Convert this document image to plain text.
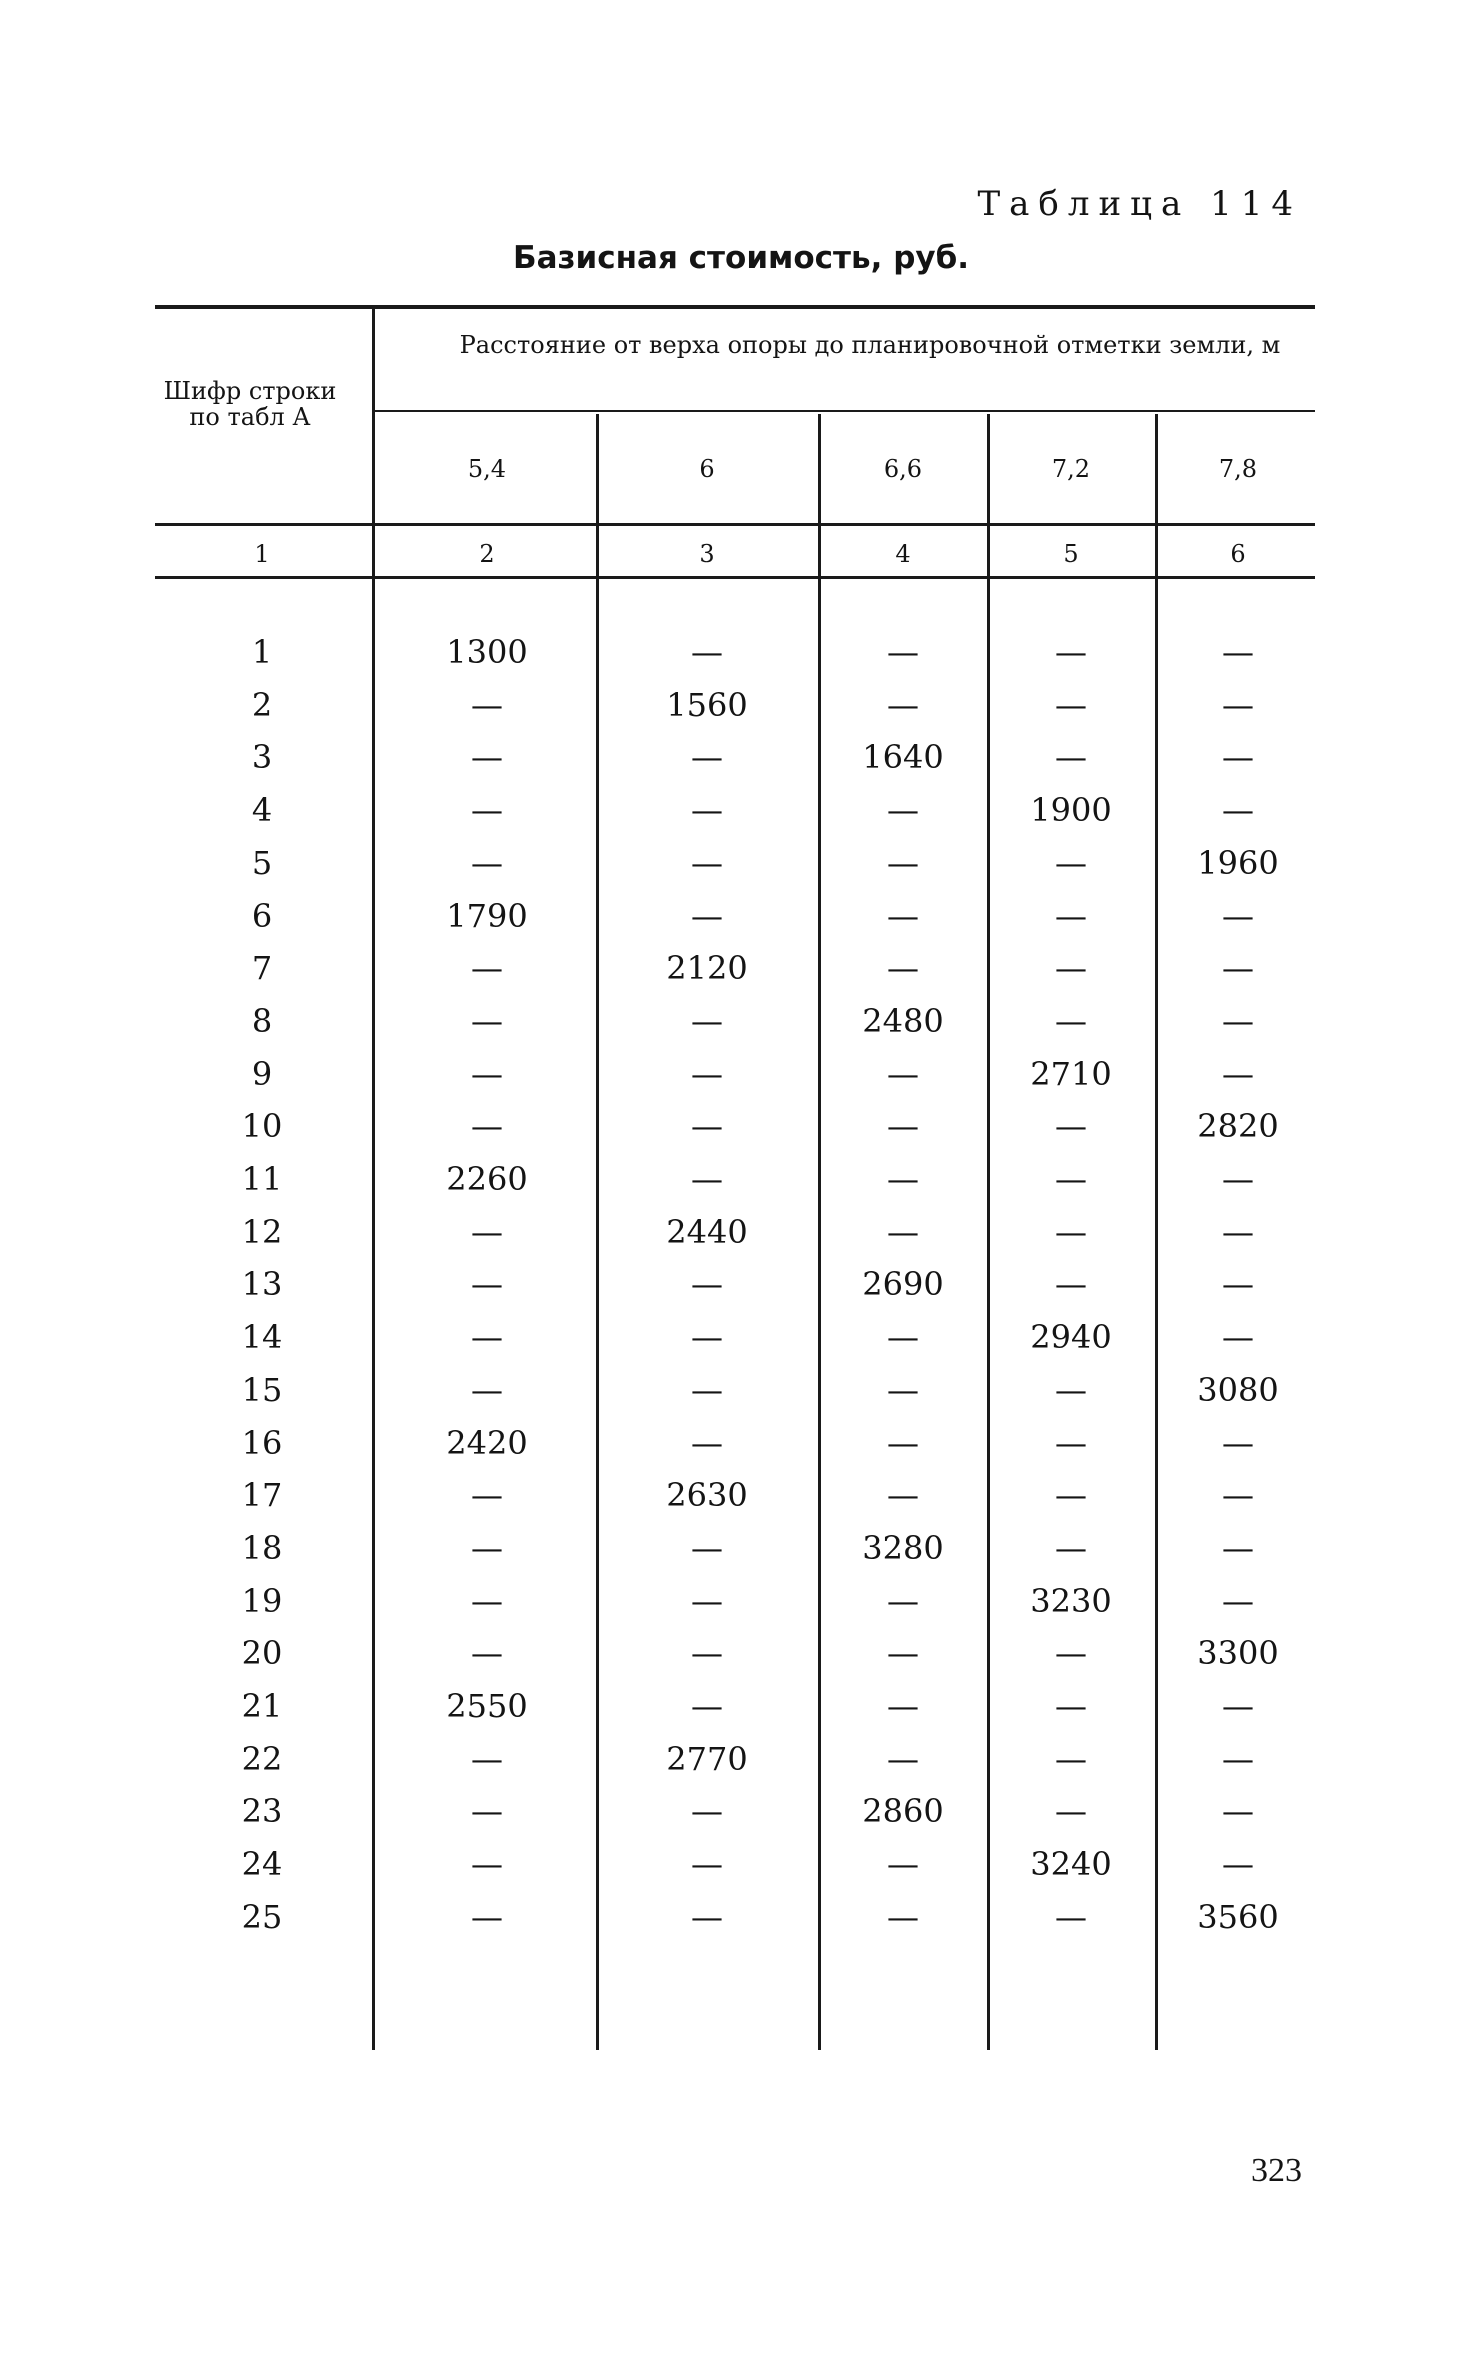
Таблица 114
Базисная стоимость, руб.
Шифр строки по табл А
Расстояние от верха опоры до планировочной отметки земли, м
5,4	6	6,6	7,2	7,8
1	2	3	4	5	6
1	1300	—	—	—	—
2	—	1560	—	—	—
3	—	—	1640	—	—
4	—	—	—	1900	—
5	—	—	—	—	1960
6	1790	—	—	—	—
7	—	2120	—	—	—
8	—	—	2480	—	—
9	—	—	—	2710	—
10	—	—	—	—	2820
11	2260	—	—	—	—
12	—	2440	—	—	—
13	—	—	2690	—	—
14	—	—	—	2940	—
15	—	—	—	—	3080
16	2420	—	—	—	—
17	—	2630	—	—	—
18	—	—	3280	—	—
19	—	—	—	3230	—
20	—	—	—	—	3300
21	2550	—	—	—	—
22	—	2770	—	—	—
23	—	—	2860	—	—
24	—	—	—	3240	—
25	—	—	—	—	3560
323
